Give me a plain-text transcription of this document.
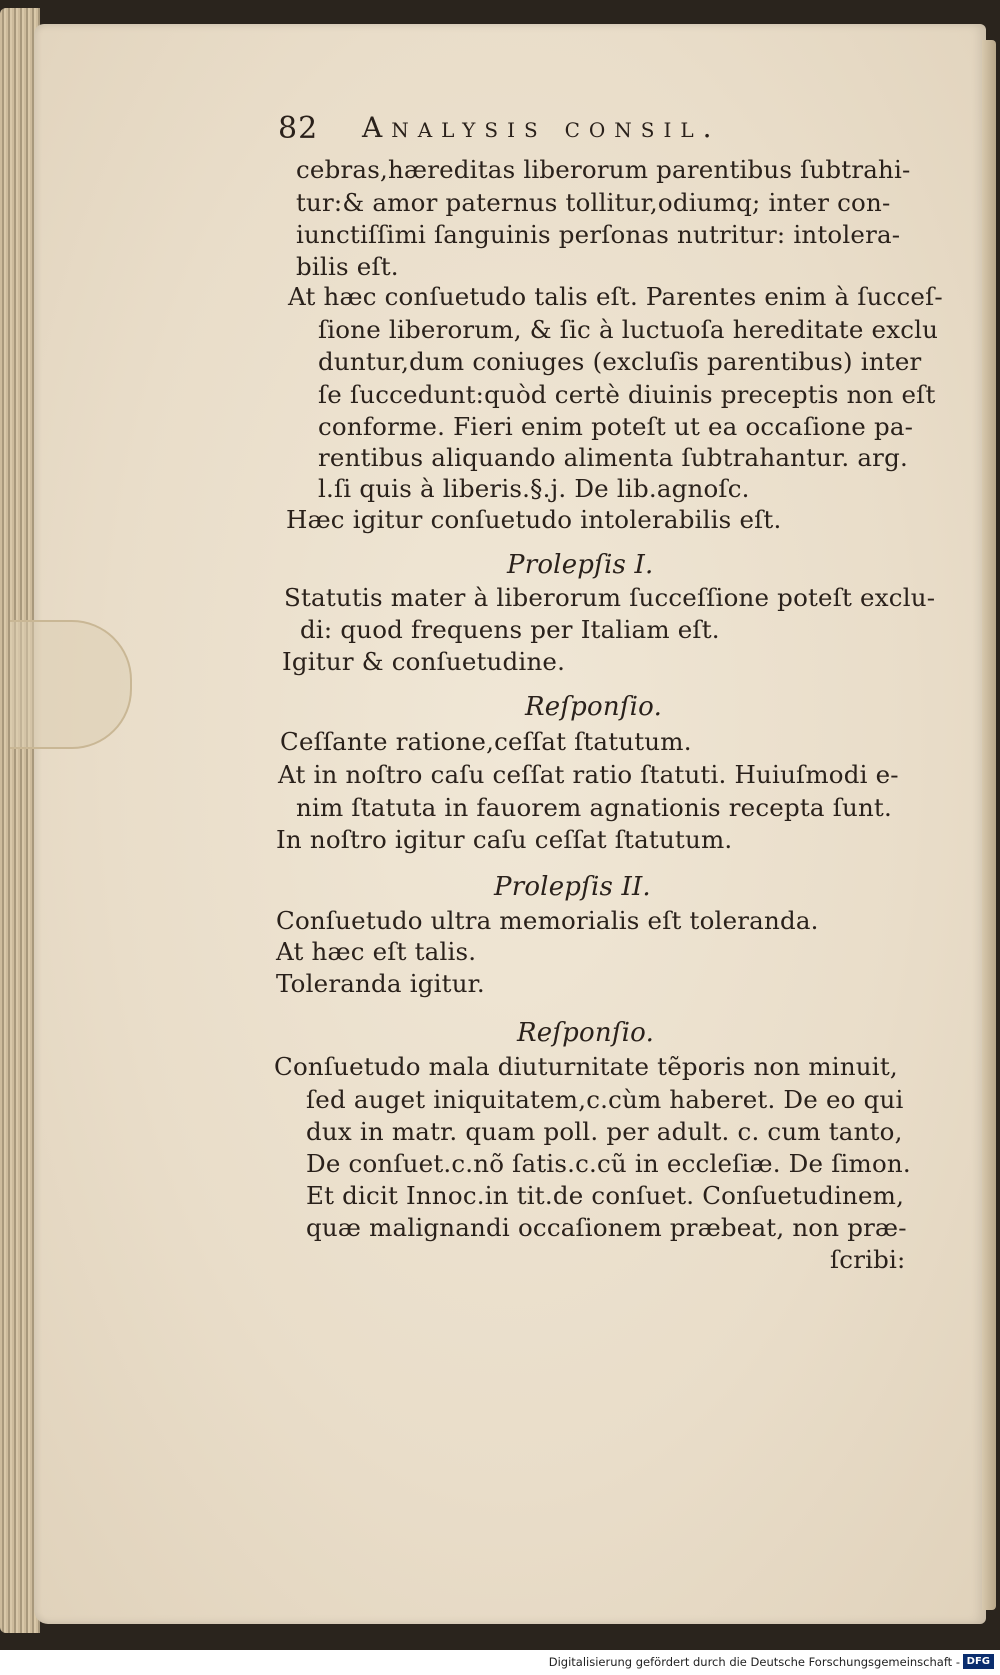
82 Analysis consil.
cebras,hæreditas liberorum parentibus ſubtrahi-
tur:& amor paternus tollitur,odiumq; inter con-
iunctiſſimi ſanguinis perſonas nutritur: intolera-
bilis eſt.
At hæc conſuetudo talis eſt. Parentes enim à ſucceſ-
ſione liberorum, & ſic à luctuoſa hereditate exclu
duntur,dum coniuges (excluſis parentibus) inter
ſe ſuccedunt:quòd certè diuinis preceptis non eſt
conforme. Fieri enim poteſt ut ea occaſione pa-
rentibus aliquando alimenta ſubtrahantur. arg.
l.ſi quis à liberis.§.j. De lib.agnoſc.
Hæc igitur conſuetudo intolerabilis eſt.
Prolepſis I.
Statutis mater à liberorum ſucceſſione poteſt exclu-
di: quod frequens per Italiam eſt.
Igitur & conſuetudine.
Reſponſio.
Ceſſante ratione,ceſſat ſtatutum.
At in noſtro caſu ceſſat ratio ſtatuti. Huiuſmodi e-
nim ſtatuta in fauorem agnationis recepta ſunt.
In noſtro igitur caſu ceſſat ſtatutum.
Prolepſis II.
Conſuetudo ultra memorialis eſt toleranda.
At hæc eſt talis.
Toleranda igitur.
Reſponſio.
Conſuetudo mala diuturnitate tẽporis non minuit,
ſed auget iniquitatem,c.cùm haberet. De eo qui
dux in matr. quam poll. per adult. c. cum tanto,
De conſuet.c.nõ ſatis.c.cũ in eccleſiæ. De ſimon.
Et dicit Innoc.in tit.de conſuet. Conſuetudinem,
quæ malignandi occaſionem præbeat, non præ-
ſcribi:
Digitalisierung gefördert durch die Deutsche Forschungsgemeinschaft - DFG
